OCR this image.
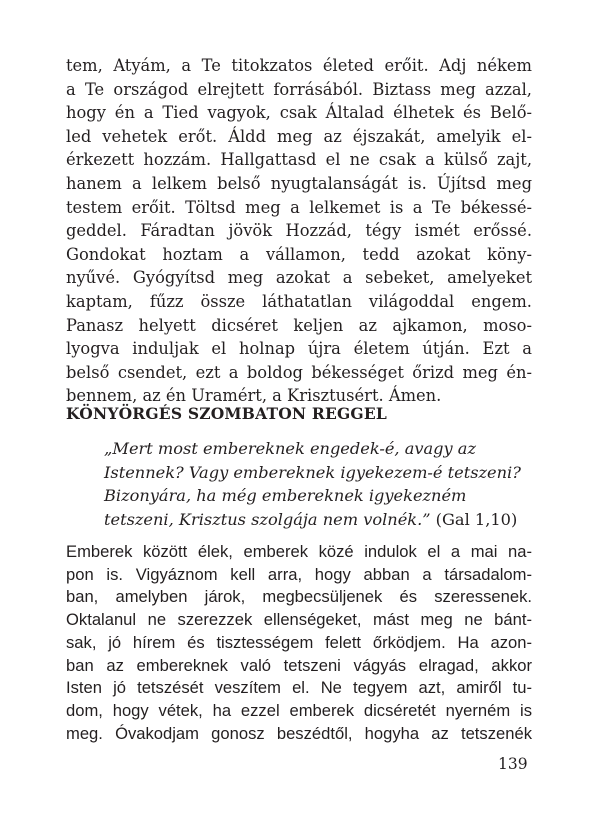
tem, Atyám, a Te titokzatos életed erőit. Adj nékem
a Te országod elrejtett forrásából. Biztass meg azzal,
hogy én a Tied vagyok, csak Általad élhetek és Belő-
led vehetek erőt. Áldd meg az éjszakát, amelyik el-
érkezett hozzám. Hallgattasd el ne csak a külső zajt,
hanem a lelkem belső nyugtalanságát is. Újítsd meg
testem erőit. Töltsd meg a lelkemet is a Te békessé-
geddel. Fáradtan jövök Hozzád, tégy ismét erőssé.
Gondokat hoztam a vállamon, tedd azokat köny-
nyűvé. Gyógyítsd meg azokat a sebeket, amelyeket
kaptam, fűzz össze láthatatlan világoddal engem.
Panasz helyett dicséret keljen az ajkamon, moso-
lyogva induljak el holnap újra életem útján. Ezt a
belső csendet, ezt a boldog békességet őrizd meg én-
bennem, az én Uramért, a Krisztusért. Ámen.
KÖNYÖRGÉS SZOMBATON REGGEL
„Mert most embereknek engedek-é, avagy az
Istennek? Vagy embereknek igyekezem-é tetszeni?
Bizonyára, ha még embereknek igyekezném
tetszeni, Krisztus szolgája nem volnék.” (Gal 1,10)
Emberek között élek, emberek közé indulok el a mai na-
pon is. Vigyáznom kell arra, hogy abban a társadalom-
ban, amelyben járok, megbecsüljenek és szeressenek.
Oktalanul ne szerezzek ellenségeket, mást meg ne bánt-
sak, jó hírem és tisztességem felett őrködjem. Ha azon-
ban az embereknek való tetszeni vágyás elragad, akkor
Isten jó tetszését veszítem el. Ne tegyem azt, amiről tu-
dom, hogy vétek, ha ezzel emberek dicséretét nyerném is
meg. Óvakodjam gonosz beszédtől, hogyha az tetszenék
139
